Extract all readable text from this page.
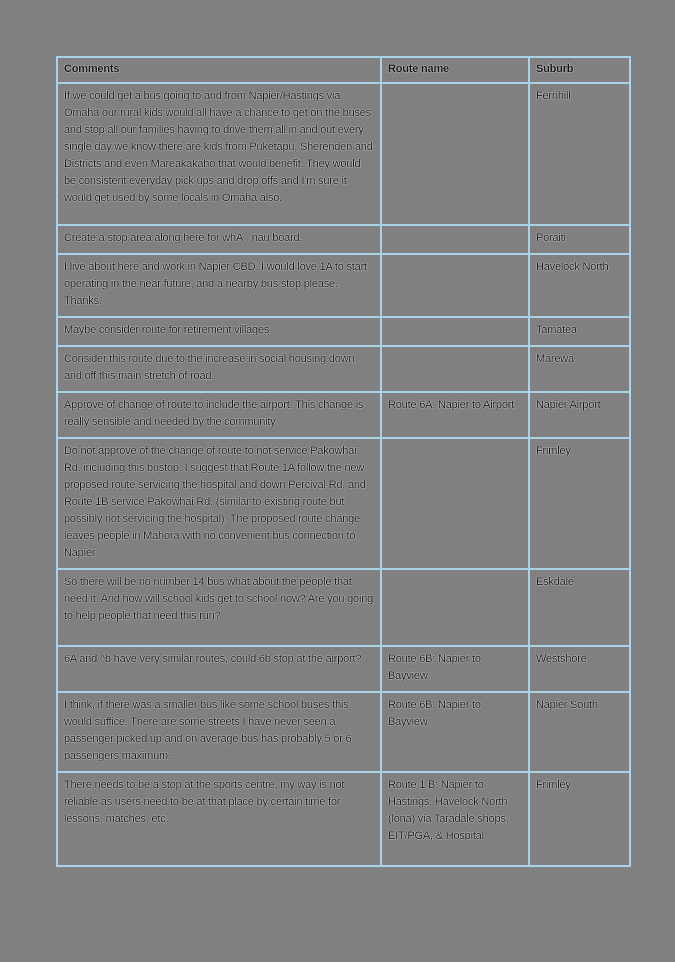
Comments	Route name	Suburb
If we could get a bus going to and from Napier/Hastings via Omaha our rural kids would all have a chance to get on the buses and stop all our families having to drive them all in and out every single day we know there are kids from Puketapu, Sherenden and Districts and even Mareakakaho that would benefit. They would be consistent everyday pick ups and drop offs and I'm sure it would get used by some locals in Omaha also.		Fernhill
Create a stop area along here for whÄnau board.		Poraiti
I live about here and work in Napier CBD. I would love 1A to start operating in the near future, and a nearby bus stop please. Thanks.		Havelock North
Maybe consider route for retirement villages		Tamatea
Consider this route due to the increase in social housing down and off this main stretch of road.		Marewa
Approve of change of route to include the airport. This change is really sensible and needed by the community	Route 6A: Napier to Airport	Napier Airport
Do not approve of the change of route to not service Pakowhai Rd. including this bustop. I suggest that Route 1A follow the new proposed route servicing the hospital and down Percival Rd, and Route 1B service Pakowhai Rd. (similar to existing route but possibly not servicing the hospital). The proposed route change leaves people in Mahora with no convenient bus connection to Napier.		Frimley
So there will be no number 14 bus what about the people that need it. And how will school kids get to school now? Are you going to help people that need this run?		Eskdale
6A and ^b have very similar routes, could 6b stop at the airport?	Route 6B: Napier to Bayview	Westshore
I think, if there was a smaller bus like some school buses this would suffice. There are some streets I have never seen a passenger picked up and on average bus has probably 5 or 6 passengers maximum.	Route 6B: Napier to Bayview	Napier South
There needs to be a stop at the sports centre, my way is not reliable as users need to be at that place by certain time for lessons, matches, etc.	Route 1 B: Napier to Hastings, Havelock North (lona) via Taradale shops, EIT/PGA, & Hospital	Frimley
